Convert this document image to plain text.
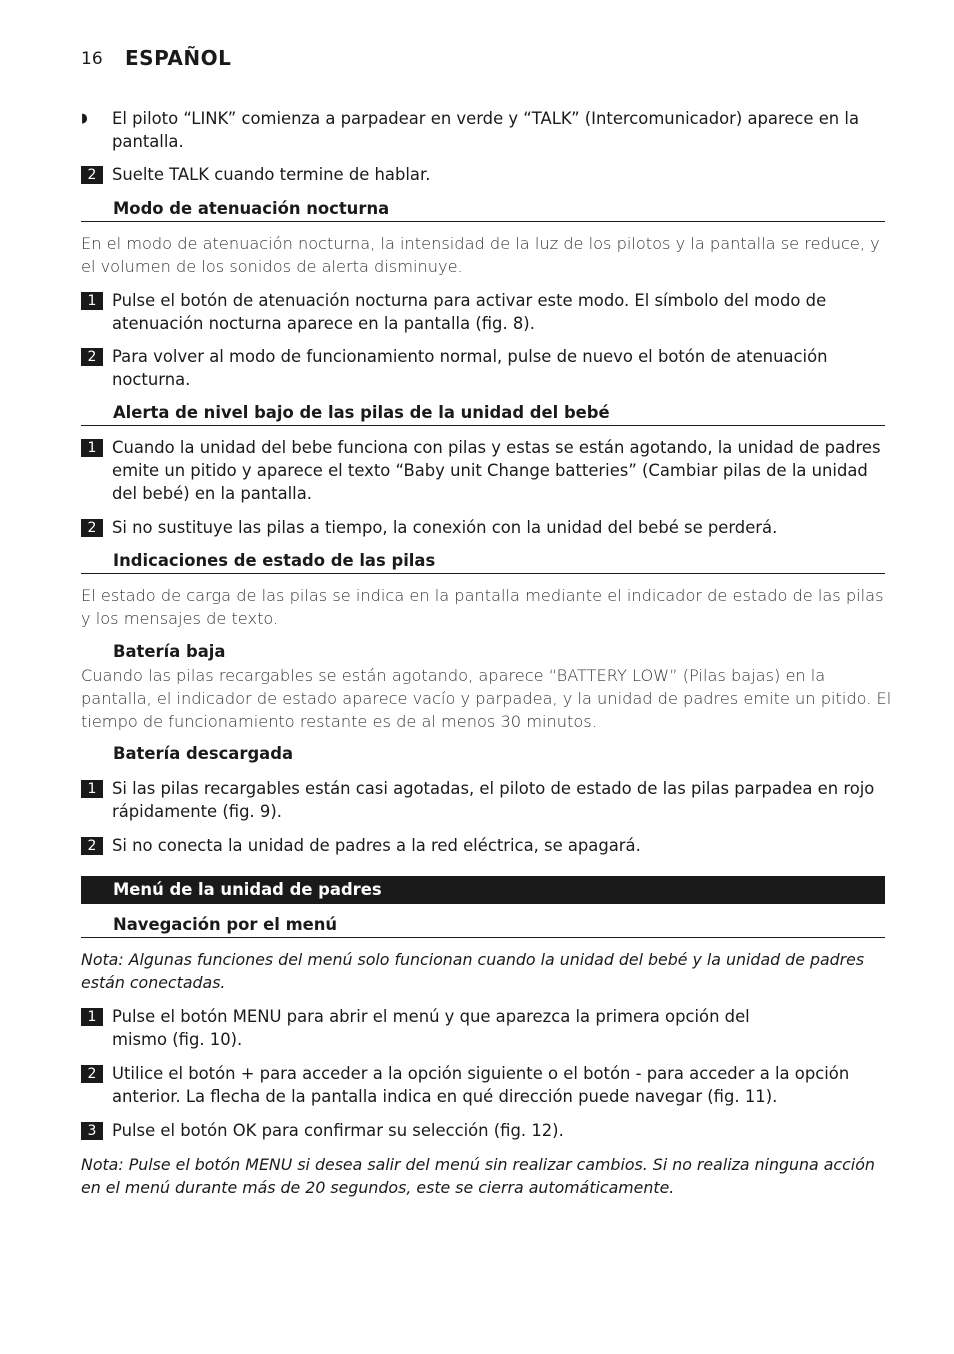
16 ESPAÑOL
◗ El piloto “LINK” comienza a parpadear en verde y “TALK” (Intercomunicador) aparece en la pantalla.
2 Suelte TALK cuando termine de hablar.
Modo de atenuación nocturna
En el modo de atenuación nocturna, la intensidad de la luz de los pilotos y la pantalla se reduce, y el volumen de los sonidos de alerta disminuye.
1 Pulse el botón de atenuación nocturna para activar este modo. El símbolo del modo de atenuación nocturna aparece en la pantalla (fig. 8).
2 Para volver al modo de funcionamiento normal, pulse de nuevo el botón de atenuación nocturna.
Alerta de nivel bajo de las pilas de la unidad del bebé
1 Cuando la unidad del bebe funciona con pilas y estas se están agotando, la unidad de padres emite un pitido y aparece el texto “Baby unit Change batteries” (Cambiar pilas de la unidad del bebé) en la pantalla.
2 Si no sustituye las pilas a tiempo, la conexión con la unidad del bebé se perderá.
Indicaciones de estado de las pilas
El estado de carga de las pilas se indica en la pantalla mediante el indicador de estado de las pilas y los mensajes de texto.
Batería baja
Cuando las pilas recargables se están agotando, aparece “BATTERY LOW” (Pilas bajas) en la pantalla, el indicador de estado aparece vacío y parpadea, y la unidad de padres emite un pitido. El tiempo de funcionamiento restante es de al menos 30 minutos.
Batería descargada
1 Si las pilas recargables están casi agotadas, el piloto de estado de las pilas parpadea en rojo rápidamente (fig. 9).
2 Si no conecta la unidad de padres a la red eléctrica, se apagará.
Menú de la unidad de padres
Navegación por el menú
Nota: Algunas funciones del menú solo funcionan cuando la unidad del bebé y la unidad de padres están conectadas.
1 Pulse el botón MENU para abrir el menú y que aparezca la primera opción del mismo (fig. 10).
2 Utilice el botón + para acceder a la opción siguiente o el botón - para acceder a la opción anterior. La flecha de la pantalla indica en qué dirección puede navegar (fig. 11).
3 Pulse el botón OK para confirmar su selección (fig. 12).
Nota: Pulse el botón MENU si desea salir del menú sin realizar cambios. Si no realiza ninguna acción en el menú durante más de 20 segundos, este se cierra automáticamente.
